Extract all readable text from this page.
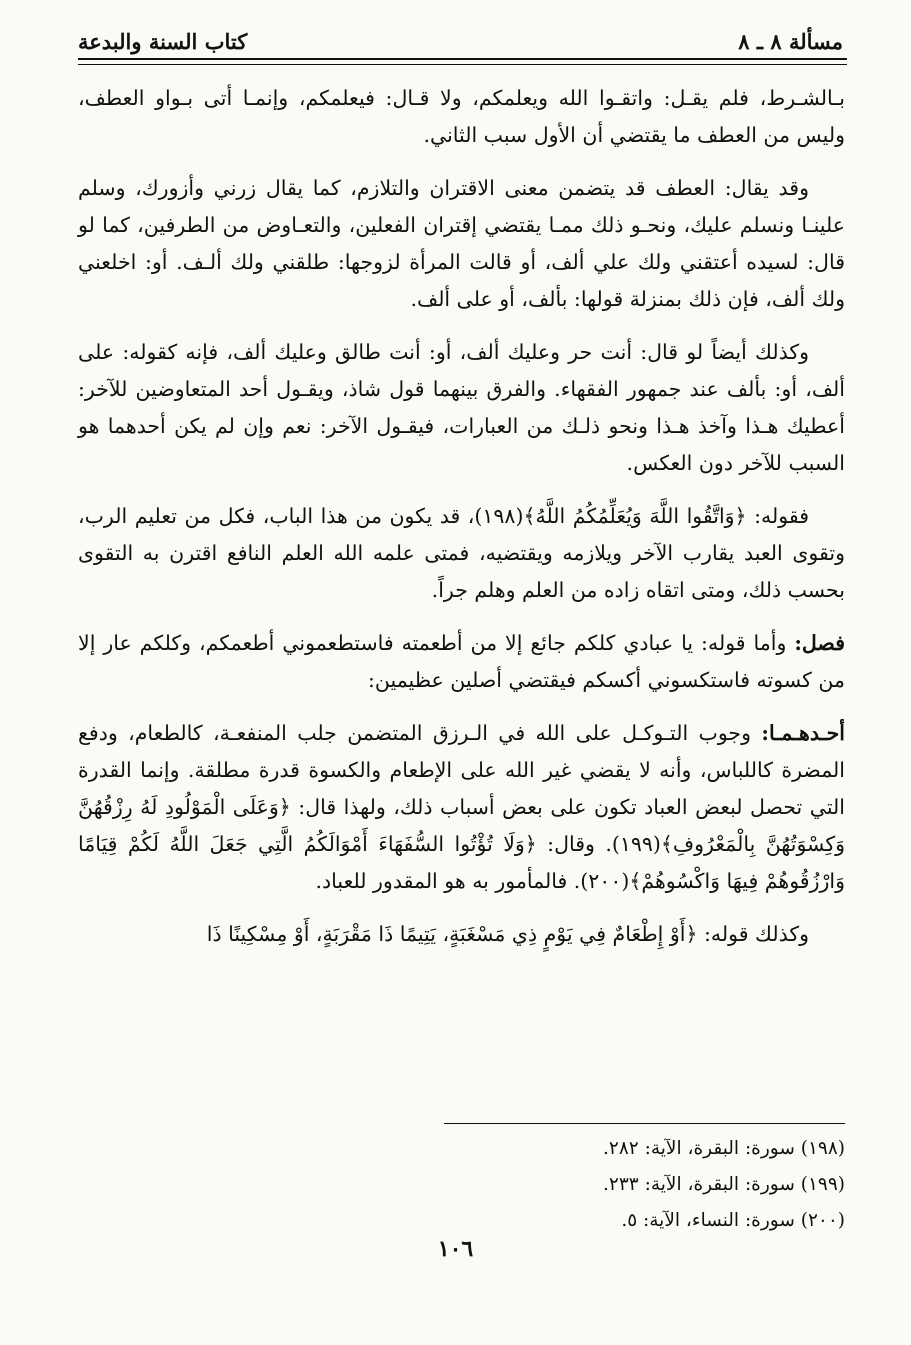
مسألة ٨ ـ ٨
كتاب السنة والبدعة

بـالشـرط، فلم يقـل: واتقـوا الله ويعلمكم، ولا قـال: فيعلمكم، وإنمـا أتى بـواو العطف، وليس من العطف ما يقتضي أن الأول سبب الثاني.

وقد يقال: العطف قد يتضمن معنى الاقتران والتلازم، كما يقال زرني وأزورك، وسلم علينـا ونسلم عليك، ونحـو ذلك ممـا يقتضي إقتران الفعلين، والتعـاوض من الطرفين، كما لو قال: لسيده أعتقني ولك علي ألف، أو قالت المرأة لزوجها: طلقني ولك ألـف. أو: اخلعني ولك ألف، فإن ذلك بمنزلة قولها: بألف، أو على ألف.

وكذلك أيضاً لو قال: أنت حر وعليك ألف، أو: أنت طالق وعليك ألف، فإنه كقوله: على ألف، أو: بألف عند جمهور الفقهاء. والفرق بينهما قول شاذ، ويقـول أحد المتعاوضين للآخر: أعطيك هـذا وآخذ هـذا ونحو ذلـك من العبارات، فيقـول الآخر: نعم وإن لم يكن أحدهما هو السبب للآخر دون العكس.

فقوله: ﴿وَاتَّقُوا اللَّهَ وَيُعَلِّمُكُمُ اللَّهُ﴾(١٩٨)، قد يكون من هذا الباب، فكل من تعليم الرب، وتقوى العبد يقارب الآخر ويلازمه ويقتضيه، فمتى علمه الله العلم النافع اقترن به التقوى بحسب ذلك، ومتى اتقاه زاده من العلم وهلم جراً.

فصل: وأما قوله: يا عبادي كلكم جائع إلا من أطعمته فاستطعموني أطعمكم، وكلكم عار إلا من كسوته فاستكسوني أكسكم فيقتضي أصلين عظيمين:

أحـدهـمـا: وجوب التـوكـل على الله في الـرزق المتضمن جلب المنفعـة، كالطعام، ودفع المضرة كاللباس، وأنه لا يقضي غير الله على الإطعام والكسوة قدرة مطلقة. وإنما القدرة التي تحصل لبعض العباد تكون على بعض أسباب ذلك، ولهذا قال: ﴿وَعَلَى الْمَوْلُودِ لَهُ رِزْقُهُنَّ وَكِسْوَتُهُنَّ بِالْمَعْرُوفِ﴾(١٩٩). وقال: ﴿وَلَا تُؤْتُوا السُّفَهَاءَ أَمْوَالَكُمُ الَّتِي جَعَلَ اللَّهُ لَكُمْ قِيَامًا وَارْزُقُوهُمْ فِيهَا وَاكْسُوهُمْ﴾(٢٠٠). فالمأمور به هو المقدور للعباد.

وكذلك قوله: ﴿أَوْ إِطْعَامٌ فِي يَوْمٍ ذِي مَسْغَبَةٍ، يَتِيمًا ذَا مَقْرَبَةٍ، أَوْ مِسْكِينًا ذَا

(١٩٨) سورة: البقرة، الآية: ٢٨٢.

(١٩٩) سورة: البقرة، الآية: ٢٣٣.

(٢٠٠) سورة: النساء، الآية: ٥.

١٠٦
